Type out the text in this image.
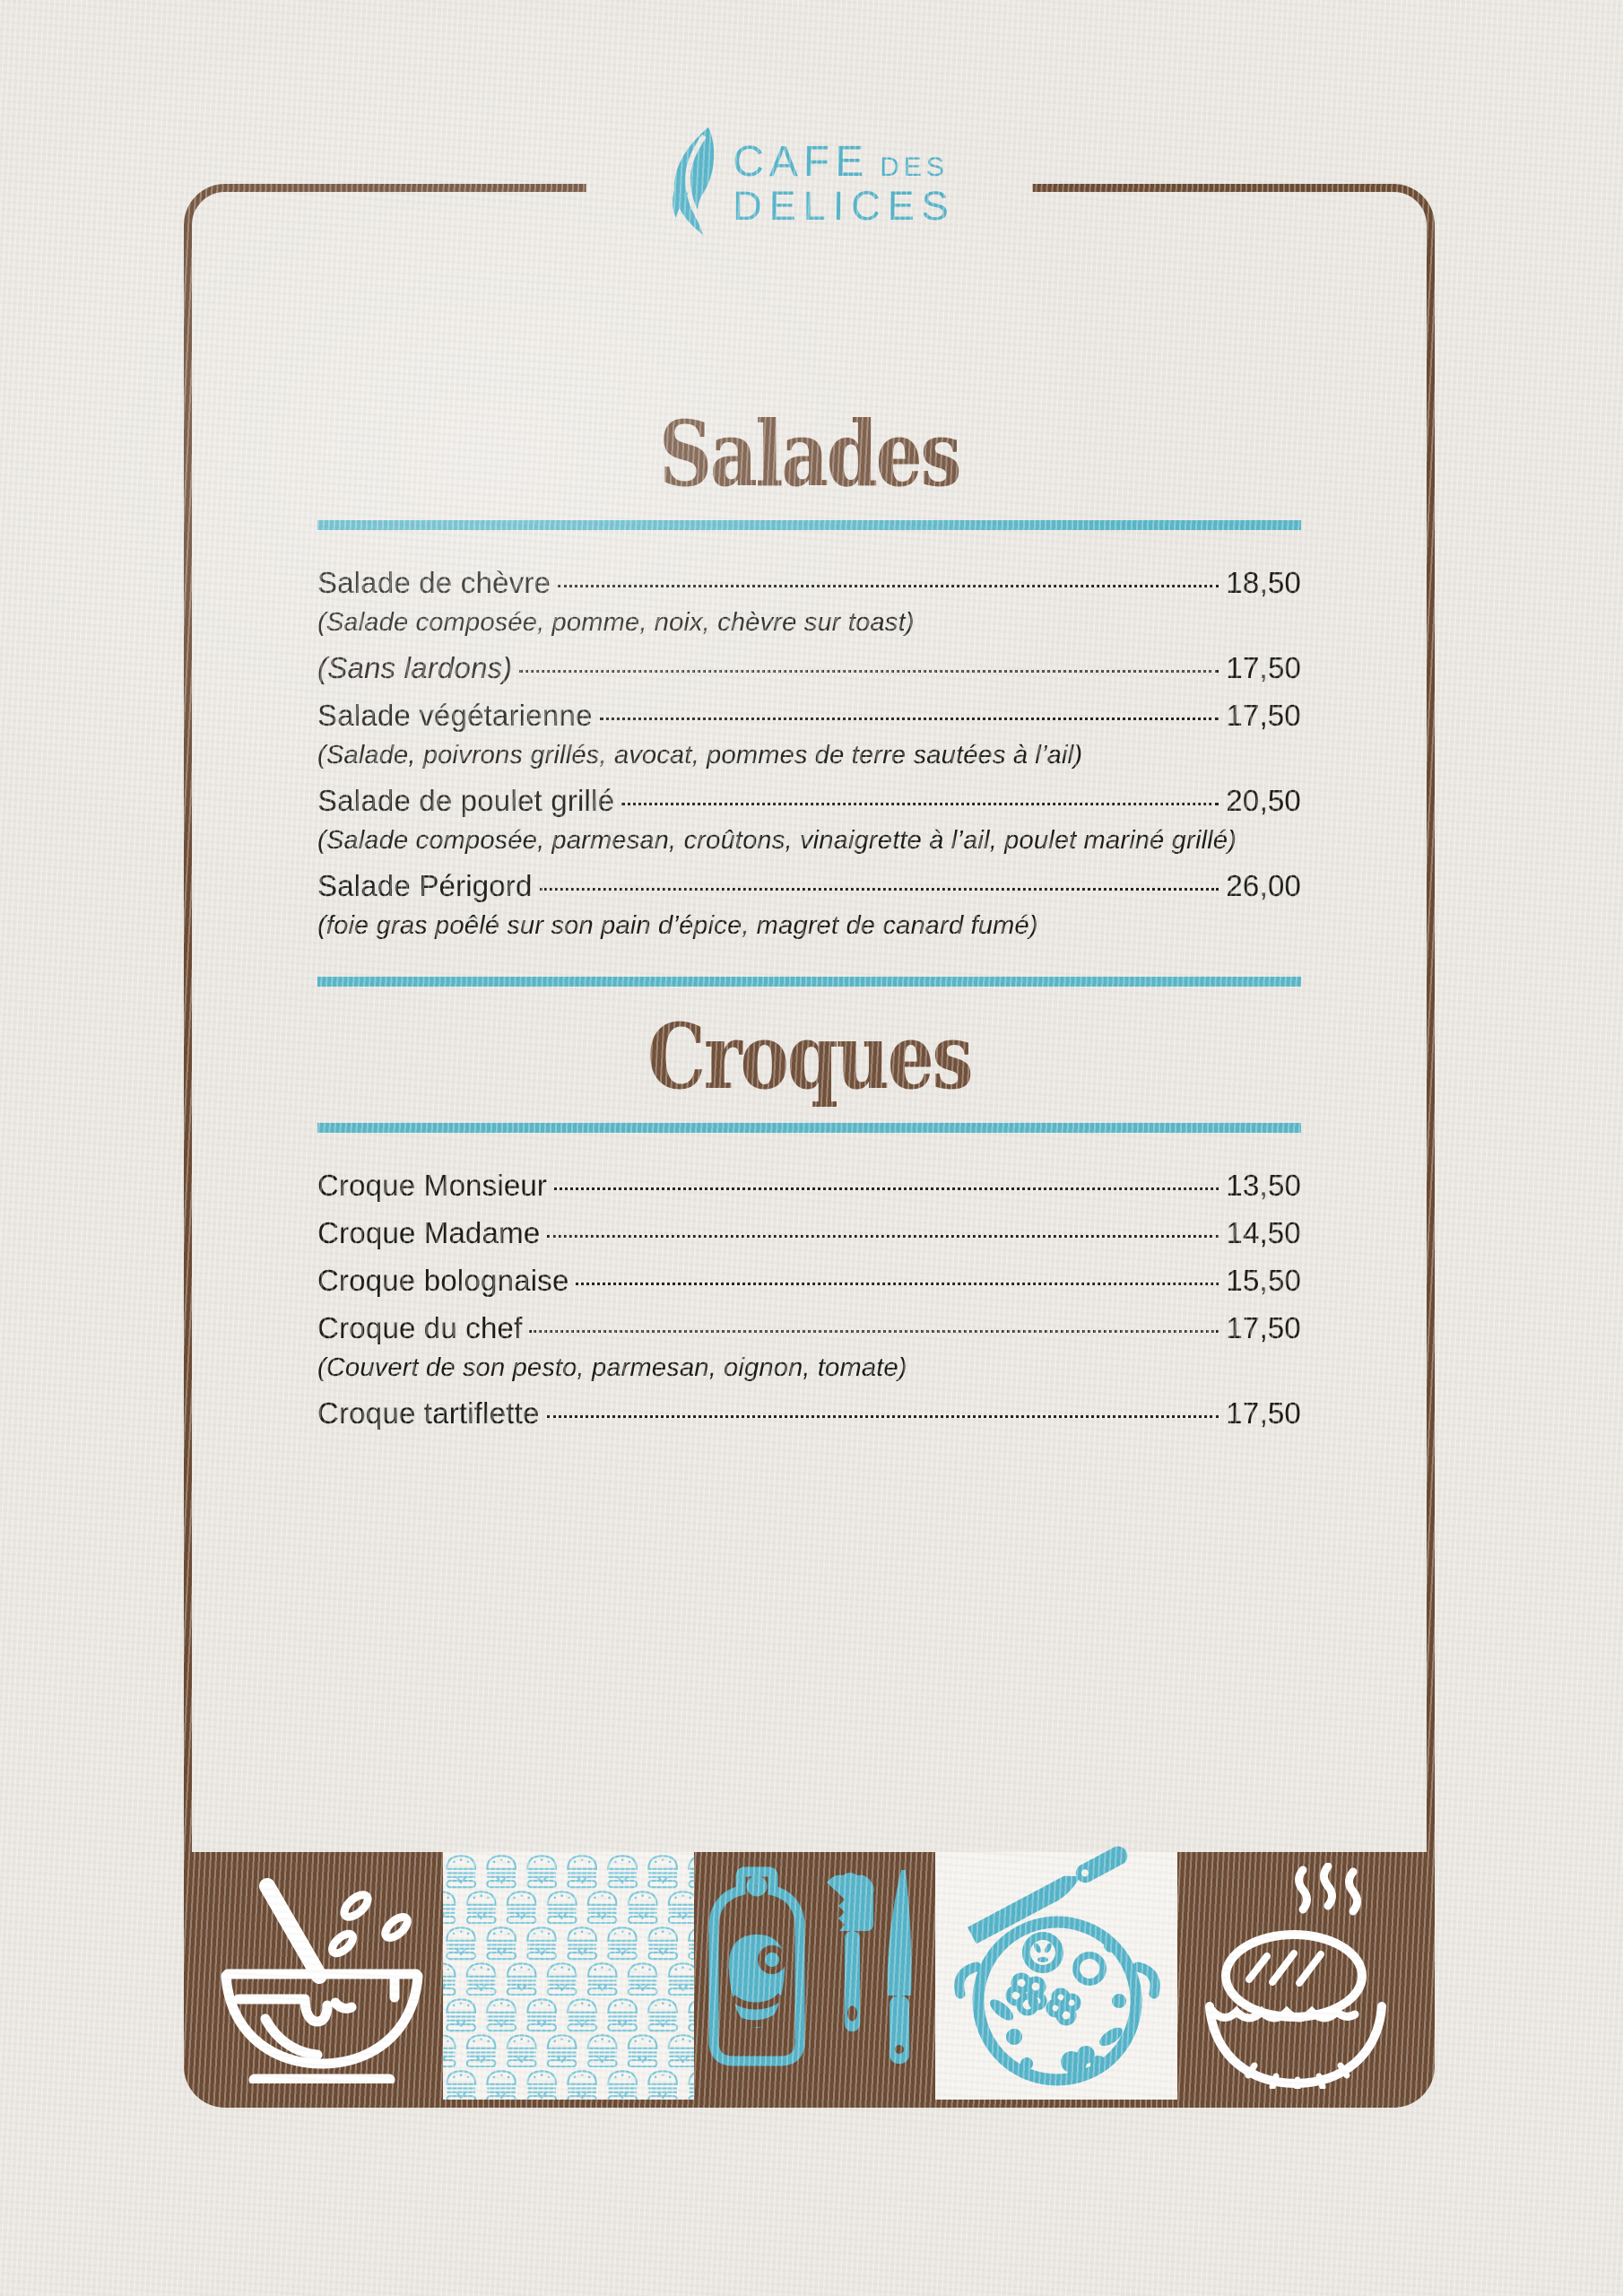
CAFE DES
DELICES
Salades
Salade de chèvre	18,50
(Salade composée, pomme, noix, chèvre sur toast)
(Sans lardons)	17,50
Salade végétarienne	17,50
(Salade, poivrons grillés, avocat, pommes de terre sautées à l’ail)
Salade de poulet grillé	20,50
(Salade composée, parmesan, croûtons, vinaigrette à l’ail, poulet mariné grillé)
Salade Périgord	26,00
(foie gras poêlé sur son pain d’épice, magret de canard fumé)
Croques
Croque Monsieur	13,50
Croque Madame	14,50
Croque bolognaise	15,50
Croque du chef	17,50
(Couvert de son pesto, parmesan, oignon, tomate)
Croque tartiflette	17,50
